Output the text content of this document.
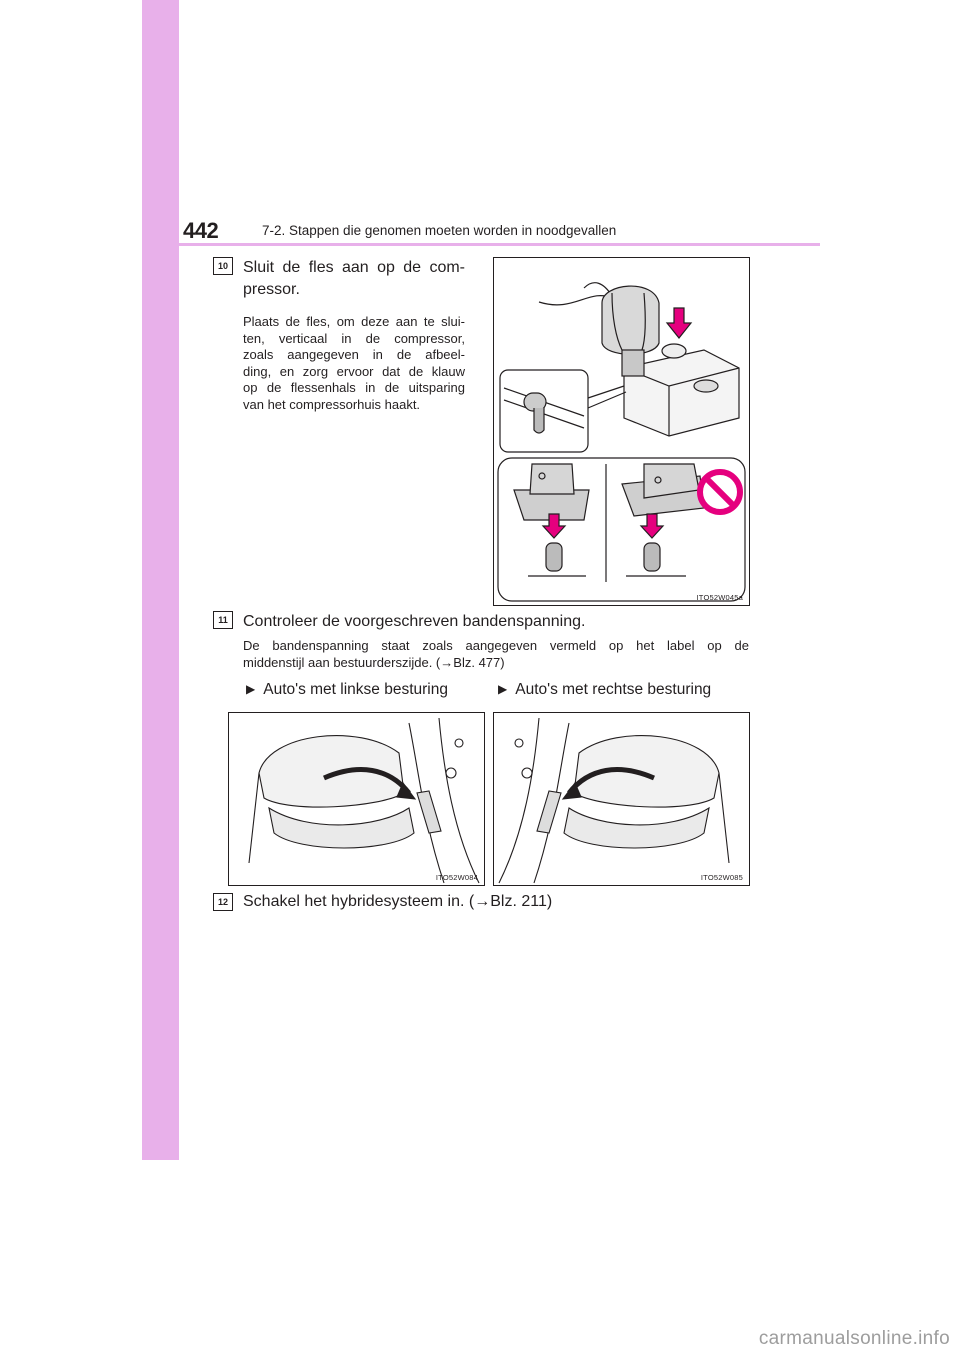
442	7-2. Stappen die genomen moeten worden in noodgevallen
10 Sluit de fles aan op de com-
pressor.
Plaats de fles, om deze aan te slui-
ten, verticaal in de compressor,
zoals aangegeven in de afbeel-
ding, en zorg ervoor dat de klauw
op de flessenhals in de uitsparing
van het compressorhuis haakt.
ITO52W045a
11 Controleer de voorgeschreven bandenspanning.
De bandenspanning staat zoals aangegeven vermeld op het label op de
middenstijl aan bestuurderszijde. (→Blz. 477)
▶ Auto's met linkse besturing	▶ Auto's met rechtse besturing
ITO52W084	ITO52W085
12 Schakel het hybridesysteem in. (→Blz. 211)
carmanualsonline.info
